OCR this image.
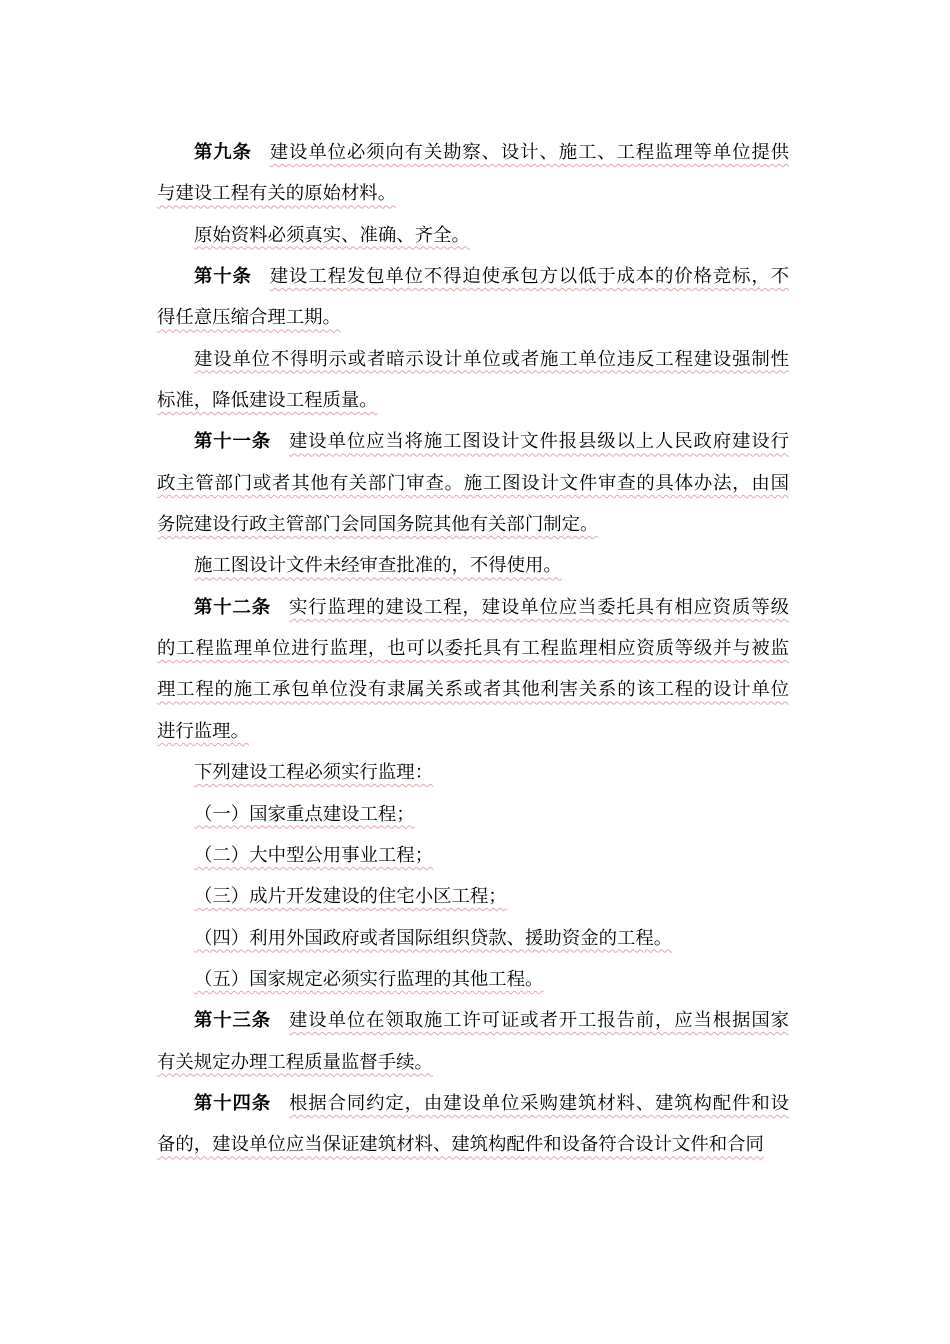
第九条 建设单位必须向有关勘察、设计、施工、工程监理等单位提供
与建设工程有关的原始材料。
原始资料必须真实、准确、齐全。
第十条 建设工程发包单位不得迫使承包方以低于成本的价格竞标，不
得任意压缩合理工期。
建设单位不得明示或者暗示设计单位或者施工单位违反工程建设强制性
标准，降低建设工程质量。
第十一条 建设单位应当将施工图设计文件报县级以上人民政府建设行
政主管部门或者其他有关部门审查。施工图设计文件审查的具体办法，由国
务院建设行政主管部门会同国务院其他有关部门制定。
施工图设计文件未经审查批准的，不得使用。
第十二条 实行监理的建设工程，建设单位应当委托具有相应资质等级
的工程监理单位进行监理，也可以委托具有工程监理相应资质等级并与被监
理工程的施工承包单位没有隶属关系或者其他利害关系的该工程的设计单位
进行监理。
下列建设工程必须实行监理：
（一）国家重点建设工程；
（二）大中型公用事业工程；
（三）成片开发建设的住宅小区工程；
（四）利用外国政府或者国际组织贷款、援助资金的工程。
（五）国家规定必须实行监理的其他工程。
第十三条 建设单位在领取施工许可证或者开工报告前，应当根据国家
有关规定办理工程质量监督手续。
第十四条 根据合同约定，由建设单位采购建筑材料、建筑构配件和设
备的，建设单位应当保证建筑材料、建筑构配件和设备符合设计文件和合同
